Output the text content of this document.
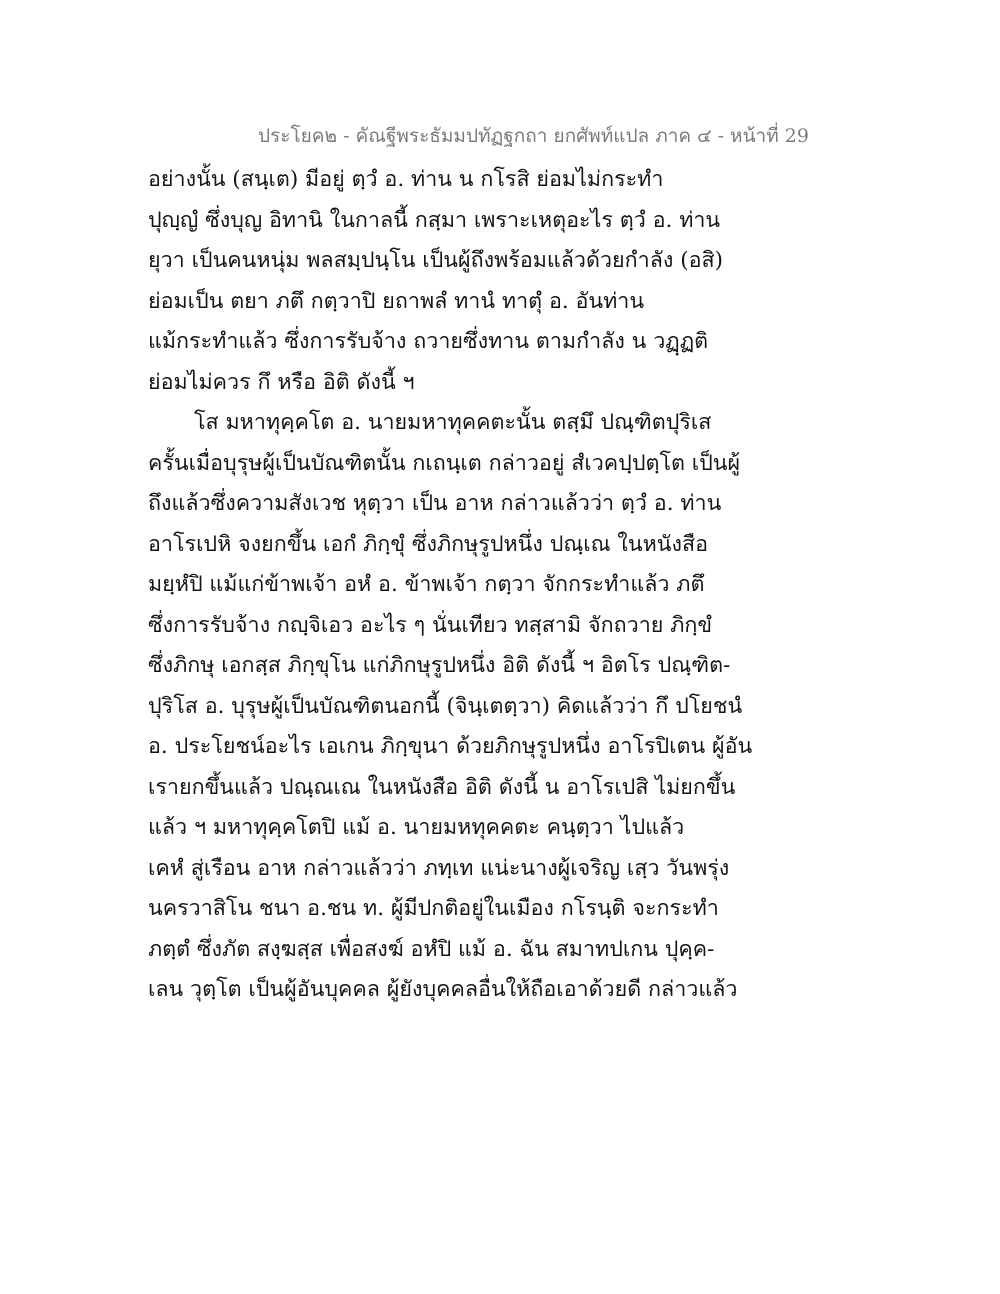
ประโยค๒ - คัณฐีพระธัมมปทัฏฐกถา ยกศัพท์แปล ภาค ๔ - หน้าที่ 29
อย่างนั้น (สนฺเต) มีอยู่ ตฺวํ อ. ท่าน น กโรสิ ย่อมไม่กระทำ
ปุญฺญํ ซึ่งบุญ อิทานิ ในกาลนี้ กสฺมา เพราะเหตุอะไร ตฺวํ อ. ท่าน
ยุวา เป็นคนหนุ่ม พลสมฺปนฺโน เป็นผู้ถึงพร้อมแล้วด้วยกำลัง (อสิ)
ย่อมเป็น ตยา ภตึ กตฺวาปิ ยถาพลํ ทานํ ทาตุํ อ. อันท่าน
แม้กระทำแล้ว ซึ่งการรับจ้าง ถวายซึ่งทาน ตามกำลัง น วฏฺฏติ
ย่อมไม่ควร กึ หรือ อิติ ดังนี้ ฯ
โส มหาทุคฺคโต อ. นายมหาทุคคตะนั้น ตสฺมึ ปณฺฑิตปุริเส
ครั้นเมื่อบุรุษผู้เป็นบัณฑิตนั้น กเถนฺเต กล่าวอยู่ สํเวคปฺปตฺโต เป็นผู้
ถึงแล้วซึ่งความสังเวช หุตฺวา เป็น อาห กล่าวแล้วว่า ตฺวํ อ. ท่าน
อาโรเปหิ จงยกขึ้น เอกํ ภิกฺขุํ ซึ่งภิกษุรูปหนึ่ง ปณฺเณ ในหนังสือ
มยฺหํปิ แม้แก่ข้าพเจ้า อหํ อ. ข้าพเจ้า กตฺวา จักกระทำแล้ว ภตึ
ซึ่งการรับจ้าง กญฺจิเอว อะไร ๆ นั่นเทียว ทสฺสามิ จักถวาย ภิกฺขํ
ซึ่งภิกษุ เอกสฺส ภิกฺขุโน แก่ภิกษุรูปหนึ่ง อิติ ดังนี้ ฯ อิตโร ปณฺฑิต-
ปุริโส อ. บุรุษผู้เป็นบัณฑิตนอกนี้ (จินฺเตตฺวา) คิดแล้วว่า กึ ปโยชนํ
อ. ประโยชน์อะไร เอเกน ภิกฺขุนา ด้วยภิกษุรูปหนึ่ง อาโรปิเตน ผู้อัน
เรายกขึ้นแล้ว ปณฺณเณ ในหนังสือ อิติ ดังนี้ น อาโรเปสิ ไม่ยกขึ้น
แล้ว ฯ มหาทุคฺคโตปิ แม้ อ. นายมหทุคคตะ คนฺตฺวา ไปแล้ว
เคหํ สู่เรือน อาห กล่าวแล้วว่า ภทฺเท แน่ะนางผู้เจริญ เสฺว วันพรุ่ง
นครวาสิโน ชนา อ.ชน ท. ผู้มีปกติอยู่ในเมือง กโรนฺติ จะกระทำ
ภตฺตํ ซึ่งภัต สงฺฆสฺส เพื่อสงฆ์ อหํปิ แม้ อ. ฉัน สมาทปเกน ปุคฺค-
เลน วุตฺโต เป็นผู้อันบุคคล ผู้ยังบุคคลอื่นให้ถือเอาด้วยดี กล่าวแล้ว
